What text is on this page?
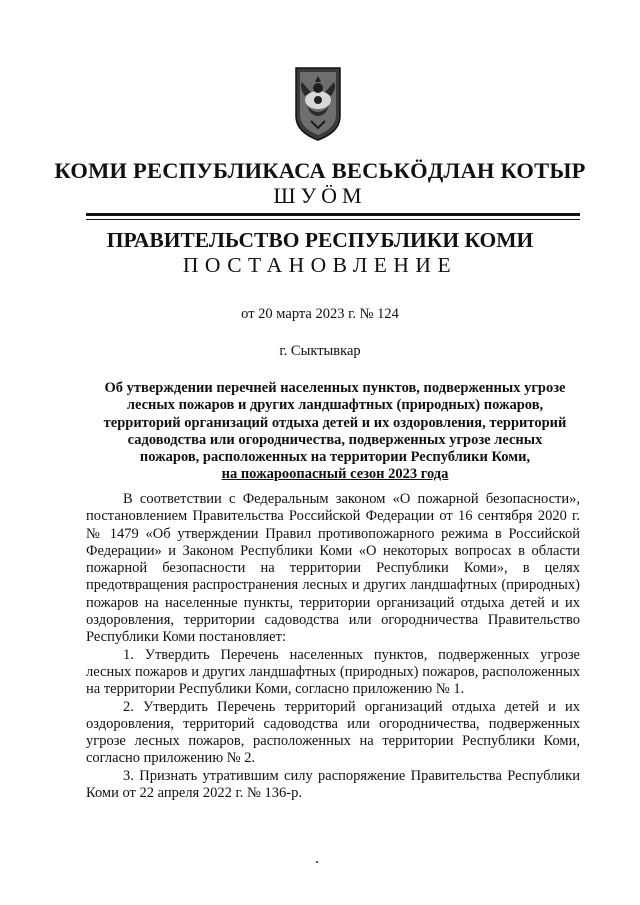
КОМИ РЕСПУБЛИКАСА ВЕСЬКӦДЛАН КОТЫР
ШУӦМ
ПРАВИТЕЛЬСТВО РЕСПУБЛИКИ КОМИ
ПОСТАНОВЛЕНИЕ
от 20 марта 2023 г. № 124
г. Сыктывкар
Об утверждении перечней населенных пунктов, подверженных угрозе лесных пожаров и других ландшафтных (природных) пожаров, территорий организаций отдыха детей и их оздоровления, территорий садоводства или огородничества, подверженных угрозе лесных пожаров, расположенных на территории Республики Коми,
на пожароопасный сезон 2023 года

В соответствии с Федеральным законом «О пожарной безопасности», постановлением Правительства Российской Федерации от 16 сентября 2020 г. № 1479 «Об утверждении Правил противопожарного режима в Российской Федерации» и Законом Республики Коми «О некоторых вопросах в области пожарной безопасности на территории Республики Коми», в целях предотвращения распространения лесных и других ландшафтных (природных) пожаров на населенные пункты, территории организаций отдыха детей и их оздоровления, территории садоводства или огородничества Правительство Республики Коми постановляет:

1. Утвердить Перечень населенных пунктов, подверженных угрозе лесных пожаров и других ландшафтных (природных) пожаров, расположенных на территории Республики Коми, согласно приложению № 1.

2. Утвердить Перечень территорий организаций отдыха детей и их оздоровления, территорий садоводства или огородничества, подверженных угрозе лесных пожаров, расположенных на территории Республики Коми, согласно приложению № 2.

3. Признать утратившим силу распоряжение Правительства Республики Коми от 22 апреля 2022 г. № 136-р.
